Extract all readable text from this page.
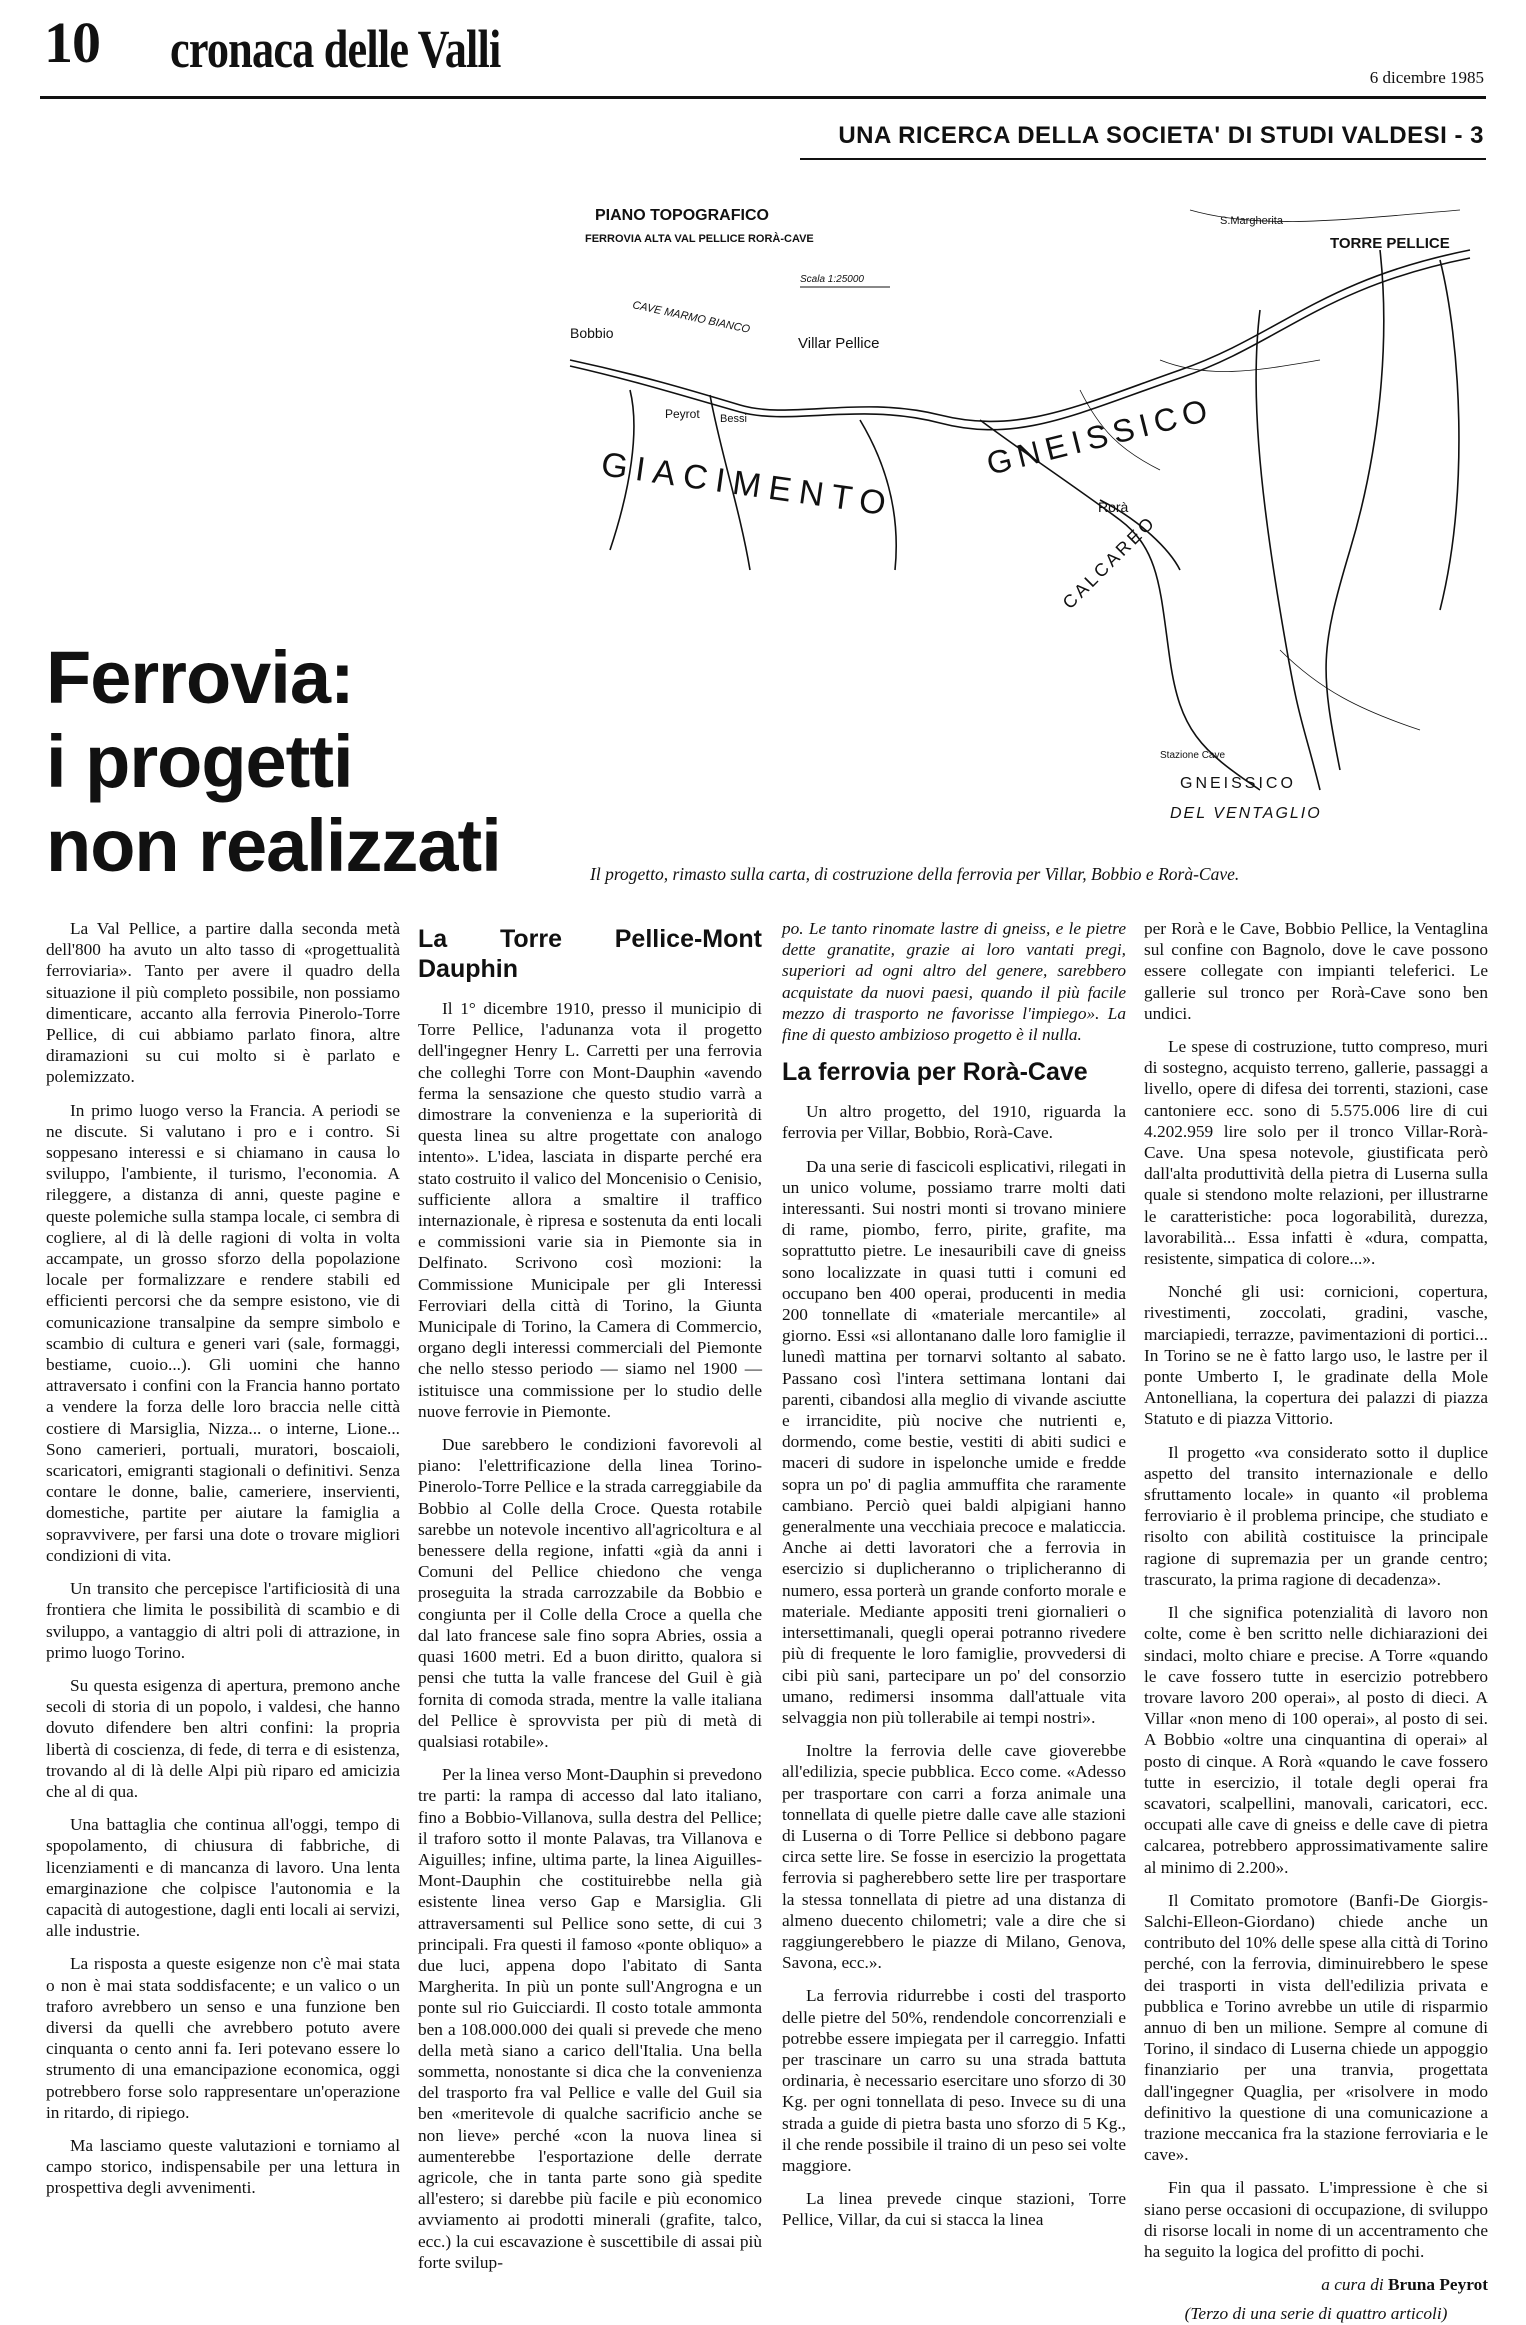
10 cronaca delle Valli	6 dicembre 1985
UNA RICERCA DELLA SOCIETA' DI STUDI VALDESI - 3
PIANO TOPOGRAFICO
FERROVIA ALTA VAL PELLICE RORÀ-CAVE
Scala 1:25000
CAVE MARMO BIANCO
Bobbio
Villar Pellice
TORRE PELLICE
S.Margherita
Rorà
Peyrot Bessi
GIACIMENTO
GNEISSICO
CALCAREO
GNEISSICO
DEL VENTAGLIO
Stazione Cave
Ferrovia:
i progetti
non realizzati	Il progetto, rimasto sulla carta, di costruzione della ferrovia per Villar, Bobbio e Rorà-Cave.

La Val Pellice, a partire dalla seconda metà dell'800 ha avuto un alto tasso di «progettualità ferroviaria». Tanto per avere il quadro della situazione il più completo possibile, non possiamo dimenticare, accanto alla ferrovia Pinerolo-Torre Pellice, di cui abbiamo parlato finora, altre diramazioni su cui molto si è parlato e polemizzato.

In primo luogo verso la Francia. A periodi se ne discute. Si valutano i pro e i contro. Si soppesano interessi e si chiamano in causa lo sviluppo, l'ambiente, il turismo, l'economia. A rileggere, a distanza di anni, queste pagine e queste polemiche sulla stampa locale, ci sembra di cogliere, al di là delle ragioni di volta in volta accampate, un grosso sforzo della popolazione locale per formalizzare e rendere stabili ed efficienti percorsi che da sempre esistono, vie di comunicazione transalpine da sempre simbolo e scambio di cultura e generi vari (sale, formaggi, bestiame, cuoio...). Gli uomini che hanno attraversato i confini con la Francia hanno portato a vendere la forza delle loro braccia nelle città costiere di Marsiglia, Nizza... o interne, Lione... Sono camerieri, portuali, muratori, boscaioli, scaricatori, emigranti stagionali o definitivi. Senza contare le donne, balie, cameriere, inservienti, domestiche, partite per aiutare la famiglia a sopravvivere, per farsi una dote o trovare migliori condizioni di vita.

Un transito che percepisce l'artificiosità di una frontiera che limita le possibilità di scambio e di sviluppo, a vantaggio di altri poli di attrazione, in primo luogo Torino.

Su questa esigenza di apertura, premono anche secoli di storia di un popolo, i valdesi, che hanno dovuto difendere ben altri confini: la propria libertà di coscienza, di fede, di terra e di esistenza, trovando al di là delle Alpi più riparo ed amicizia che al di qua.

Una battaglia che continua all'oggi, tempo di spopolamento, di chiusura di fabbriche, di licenziamenti e di mancanza di lavoro. Una lenta emarginazione che colpisce l'autonomia e la capacità di autogestione, dagli enti locali ai servizi, alle industrie.

La risposta a queste esigenze non c'è mai stata o non è mai stata soddisfacente; e un valico o un traforo avrebbero un senso e una funzione ben diversi da quelli che avrebbero potuto avere cinquanta o cento anni fa. Ieri potevano essere lo strumento di una emancipazione economica, oggi potrebbero forse solo rappresentare un'operazione in ritardo, di ripiego.

Ma lasciamo queste valutazioni e torniamo al campo storico, indispensabile per una lettura in prospettiva degli avvenimenti.

La Torre Pellice-Mont Dauphin

Il 1° dicembre 1910, presso il municipio di Torre Pellice, l'adunanza vota il progetto dell'ingegner Henry L. Carretti per una ferrovia che colleghi Torre con Mont-Dauphin «avendo ferma la sensazione che questo studio varrà a dimostrare la convenienza e la superiorità di questa linea su altre progettate con analogo intento». L'idea, lasciata in disparte perché era stato costruito il valico del Moncenisio o Cenisio, sufficiente allora a smaltire il traffico internazionale, è ripresa e sostenuta da enti locali e commissioni varie sia in Piemonte sia in Delfinato. Scrivono così mozioni: la Commissione Municipale per gli Interessi Ferroviari della città di Torino, la Giunta Municipale di Torino, la Camera di Commercio, organo degli interessi commerciali del Piemonte che nello stesso periodo — siamo nel 1900 — istituisce una commissione per lo studio delle nuove ferrovie in Piemonte.

Due sarebbero le condizioni favorevoli al piano: l'elettrificazione della linea Torino-Pinerolo-Torre Pellice e la strada carreggiabile da Bobbio al Colle della Croce. Questa rotabile sarebbe un notevole incentivo all'agricoltura e al benessere della regione, infatti «già da anni i Comuni del Pellice chiedono che venga proseguita la strada carrozzabile da Bobbio e congiunta per il Colle della Croce a quella che dal lato francese sale fino sopra Abries, ossia a quasi 1600 metri. Ed a buon diritto, qualora si pensi che tutta la valle francese del Guil è già fornita di comoda strada, mentre la valle italiana del Pellice è sprovvista per più di metà di qualsiasi rotabile».

Per la linea verso Mont-Dauphin si prevedono tre parti: la rampa di accesso dal lato italiano, fino a Bobbio-Villanova, sulla destra del Pellice; il traforo sotto il monte Palavas, tra Villanova e Aiguilles; infine, ultima parte, la linea Aiguilles-Mont-Dauphin che costituirebbe nella già esistente linea verso Gap e Marsiglia. Gli attraversamenti sul Pellice sono sette, di cui 3 principali. Fra questi il famoso «ponte obliquo» a due luci, appena dopo l'abitato di Santa Margherita. In più un ponte sull'Angrogna e un ponte sul rio Guicciardi. Il costo totale ammonta ben a 108.000.000 dei quali si prevede che meno della metà siano a carico dell'Italia. Una bella sommetta, nonostante si dica che la convenienza del trasporto fra val Pellice e valle del Guil sia ben «meritevole di qualche sacrificio anche se non lieve» perché «con la nuova linea si aumenterebbe l'esportazione delle derrate agricole, che in tanta parte sono già spedite all'estero; si darebbe più facile e più economico avviamento ai prodotti minerali (grafite, talco, ecc.) la cui escavazione è suscettibile di assai più forte svilup-

po. Le tanto rinomate lastre di gneiss, e le pietre dette granatite, grazie ai loro vantati pregi, superiori ad ogni altro del genere, sarebbero acquistate da nuovi paesi, quando il più facile mezzo di trasporto ne favorisse l'impiego». La fine di questo ambizioso progetto è il nulla.

La ferrovia per Rorà-Cave

Un altro progetto, del 1910, riguarda la ferrovia per Villar, Bobbio, Rorà-Cave.

Da una serie di fascicoli esplicativi, rilegati in un unico volume, possiamo trarre molti dati interessanti. Sui nostri monti si trovano miniere di rame, piombo, ferro, pirite, grafite, ma soprattutto pietre. Le inesauribili cave di gneiss sono localizzate in quasi tutti i comuni ed occupano ben 400 operai, producenti in media 200 tonnellate di «materiale mercantile» al giorno. Essi «si allontanano dalle loro famiglie il lunedì mattina per tornarvi soltanto al sabato. Passano così l'intera settimana lontani dai parenti, cibandosi alla meglio di vivande asciutte e irrancidite, più nocive che nutrienti e, dormendo, come bestie, vestiti di abiti sudici e maceri di sudore in ispelonche umide e fredde sopra un po' di paglia ammuffita che raramente cambiano. Perciò quei baldi alpigiani hanno generalmente una vecchiaia precoce e malaticcia. Anche ai detti lavoratori che a ferrovia in esercizio si duplicheranno o triplicheranno di numero, essa porterà un grande conforto morale e materiale. Mediante appositi treni giornalieri o intersettimanali, quegli operai potranno rivedere più di frequente le loro famiglie, provvedersi di cibi più sani, partecipare un po' del consorzio umano, redimersi insomma dall'attuale vita selvaggia non più tollerabile ai tempi nostri».

Inoltre la ferrovia delle cave gioverebbe all'edilizia, specie pubblica. Ecco come. «Adesso per trasportare con carri a forza animale una tonnellata di quelle pietre dalle cave alle stazioni di Luserna o di Torre Pellice si debbono pagare circa sette lire. Se fosse in esercizio la progettata ferrovia si pagherebbero sette lire per trasportare la stessa tonnellata di pietre ad una distanza di almeno duecento chilometri; vale a dire che si raggiungerebbero le piazze di Milano, Genova, Savona, ecc.».

La ferrovia ridurrebbe i costi del trasporto delle pietre del 50%, rendendole concorrenziali e potrebbe essere impiegata per il carreggio. Infatti per trascinare un carro su una strada battuta ordinaria, è necessario esercitare uno sforzo di 30 Kg. per ogni tonnellata di peso. Invece su di una strada a guide di pietra basta uno sforzo di 5 Kg., il che rende possibile il traino di un peso sei volte maggiore.

La linea prevede cinque stazioni, Torre Pellice, Villar, da cui si stacca la linea

per Rorà e le Cave, Bobbio Pellice, la Ventaglina sul confine con Bagnolo, dove le cave possono essere collegate con impianti teleferici. Le gallerie sul tronco per Rorà-Cave sono ben undici.

Le spese di costruzione, tutto compreso, muri di sostegno, acquisto terreno, gallerie, passaggi a livello, opere di difesa dei torrenti, stazioni, case cantoniere ecc. sono di 5.575.006 lire di cui 4.202.959 lire solo per il tronco Villar-Rorà-Cave. Una spesa notevole, giustificata però dall'alta produttività della pietra di Luserna sulla quale si stendono molte relazioni, per illustrarne le caratteristiche: poca logorabilità, durezza, lavorabilità... Essa infatti è «dura, compatta, resistente, simpatica di colore...».

Nonché gli usi: cornicioni, copertura, rivestimenti, zoccolati, gradini, vasche, marciapiedi, terrazze, pavimentazioni di portici... In Torino se ne è fatto largo uso, le lastre per il ponte Umberto I, le gradinate della Mole Antonelliana, la copertura dei palazzi di piazza Statuto e di piazza Vittorio.

Il progetto «va considerato sotto il duplice aspetto del transito internazionale e dello sfruttamento locale» in quanto «il problema ferroviario è il problema principe, che studiato e risolto con abilità costituisce la principale ragione di supremazia per un grande centro; trascurato, la prima ragione di decadenza».

Il che significa potenzialità di lavoro non colte, come è ben scritto nelle dichiarazioni dei sindaci, molto chiare e precise. A Torre «quando le cave fossero tutte in esercizio potrebbero trovare lavoro 200 operai», al posto di dieci. A Villar «non meno di 100 operai», al posto di sei. A Bobbio «oltre una cinquantina di operai» al posto di cinque. A Rorà «quando le cave fossero tutte in esercizio, il totale degli operai fra scavatori, scalpellini, manovali, caricatori, ecc. occupati alle cave di gneiss e delle cave di pietra calcarea, potrebbero approssimativamente salire al minimo di 2.200».

Il Comitato promotore (Banfi-De Giorgis-Salchi-Elleon-Giordano) chiede anche un contributo del 10% delle spese alla città di Torino perché, con la ferrovia, diminuirebbero le spese dei trasporti in vista dell'edilizia privata e pubblica e Torino avrebbe un utile di risparmio annuo di ben un milione. Sempre al comune di Torino, il sindaco di Luserna chiede un appoggio finanziario per una tranvia, progettata dall'ingegner Quaglia, per «risolvere in modo definitivo la questione di una comunicazione a trazione meccanica fra la stazione ferroviaria e le cave».

Fin qua il passato. L'impressione è che si siano perse occasioni di occupazione, di sviluppo di risorse locali in nome di un accentramento che ha seguito la logica del profitto di pochi.

a cura di Bruna Peyrot
(Terzo di una serie di quattro articoli)
